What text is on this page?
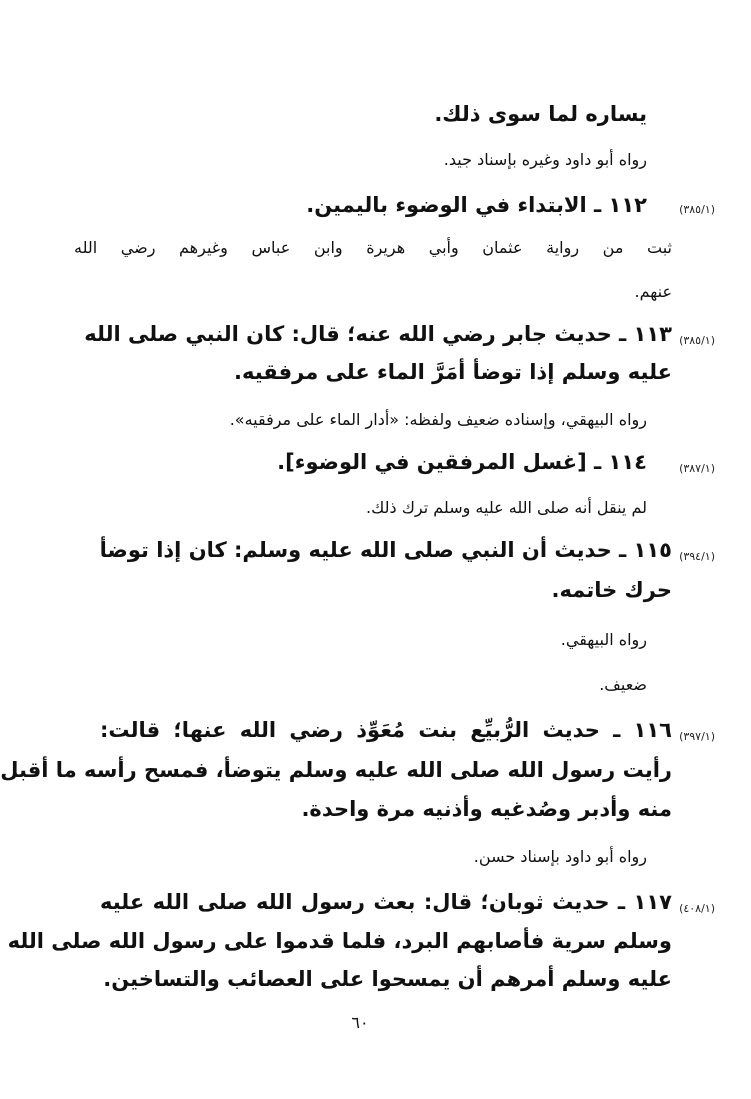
يساره لما سوى ذلك.
رواه أبو داود وغيره بإسناد جيد.
(٣٨٥/١)
١١٢ ـ الابتداء في الوضوء باليمين.
ثبت من رواية عثمان وأبي هريرة وابن عباس وغيرهم رضي الله
عنهم.
(٣٨٥/١)
١١٣ ـ حديث جابر رضي الله عنه؛ قال: كان النبي صلى الله
عليه وسلم إذا توضأ أمَرَّ الماء على مرفقيه.
رواه البيهقي، وإسناده ضعيف ولفظه: «أدار الماء على مرفقيه».
(٣٨٧/١)
١١٤ ـ [غسل المرفقين في الوضوء].
لم ينقل أنه صلى الله عليه وسلم ترك ذلك.
(٣٩٤/١)
١١٥ ـ حديث أن النبي صلى الله عليه وسلم: كان إذا توضأ
حرك خاتمه.
رواه البيهقي.
ضعيف.
(٣٩٧/١)
١١٦ ـ حديث الرُّبيِّع بنت مُعَوِّذ رضي الله عنها؛ قالت:
رأيت رسول الله صلى الله عليه وسلم يتوضأ، فمسح رأسه ما أقبل
منه وأدبر وصُدغيه وأذنيه مرة واحدة.
رواه أبو داود بإسناد حسن.
(٤٠٨/١)
١١٧ ـ حديث ثوبان؛ قال: بعث رسول الله صلى الله عليه
وسلم سرية فأصابهم البرد، فلما قدموا على رسول الله صلى الله
عليه وسلم أمرهم أن يمسحوا على العصائب والتساخين.
٦٠
